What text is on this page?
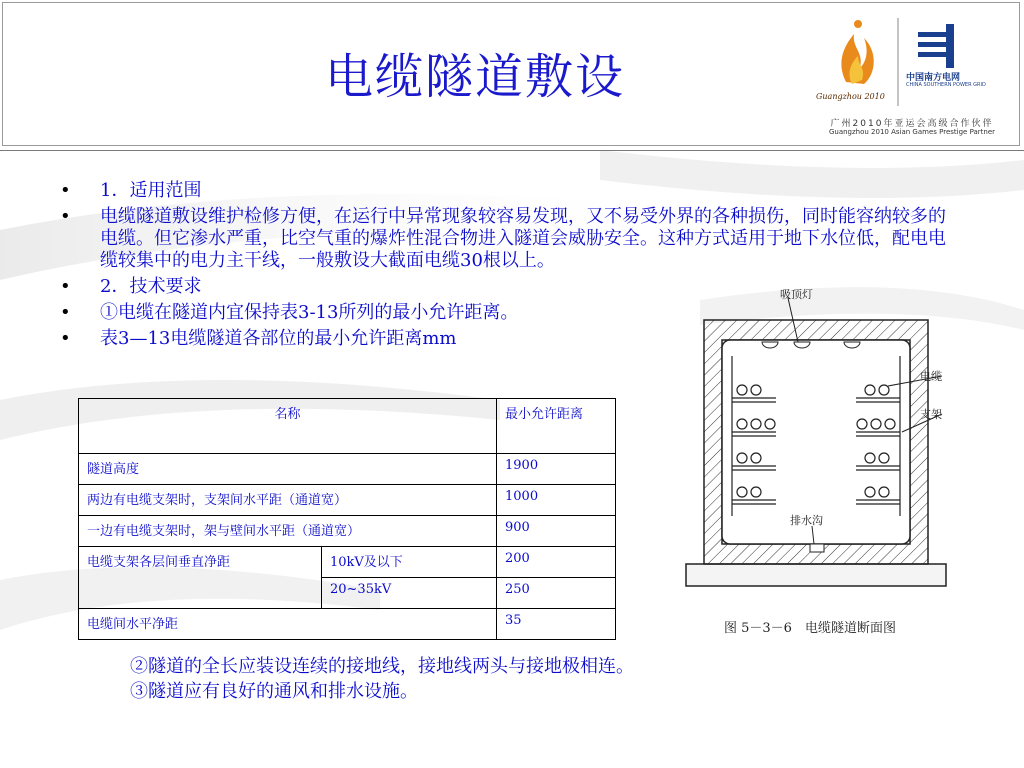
电缆隧道敷设	Guangzhou 2010
中国南方电网
CHINA SOUTHERN POWER GRID
广州2010年亚运会高级合作伙伴
Guangzhou 2010 Asian Games Prestige Partner
• 1．适用范围
• 电缆隧道敷设维护检修方便，在运行中异常现象较容易发现，又不易受外界的各种损伤，同时能容纳较多的电缆。但它渗水严重，比空气重的爆炸性混合物进入隧道会威胁安全。这种方式适用于地下水位低，配电电缆较集中的电力主干线，一般敷设大截面电缆30根以上。
• 2．技术要求
• ①电缆在隧道内宜保持表3-13所列的最小允许距离。
• 表3—13电缆隧道各部位的最小允许距离mm
名称		最小允许距离
隧道高度		1900
两边有电缆支架时，支架间水平距（通道宽）		1000
一边有电缆支架时，架与壁间水平距（通道宽）		900
电缆支架各层间垂直净距	10kV及以下	200
	20~35kV	250
电缆间水平净距		35
吸顶灯
电缆
支架
排水沟
图 5－3－6　电缆隧道断面图
②隧道的全长应装设连续的接地线，接地线两头与接地极相连。
③隧道应有良好的通风和排水设施。
